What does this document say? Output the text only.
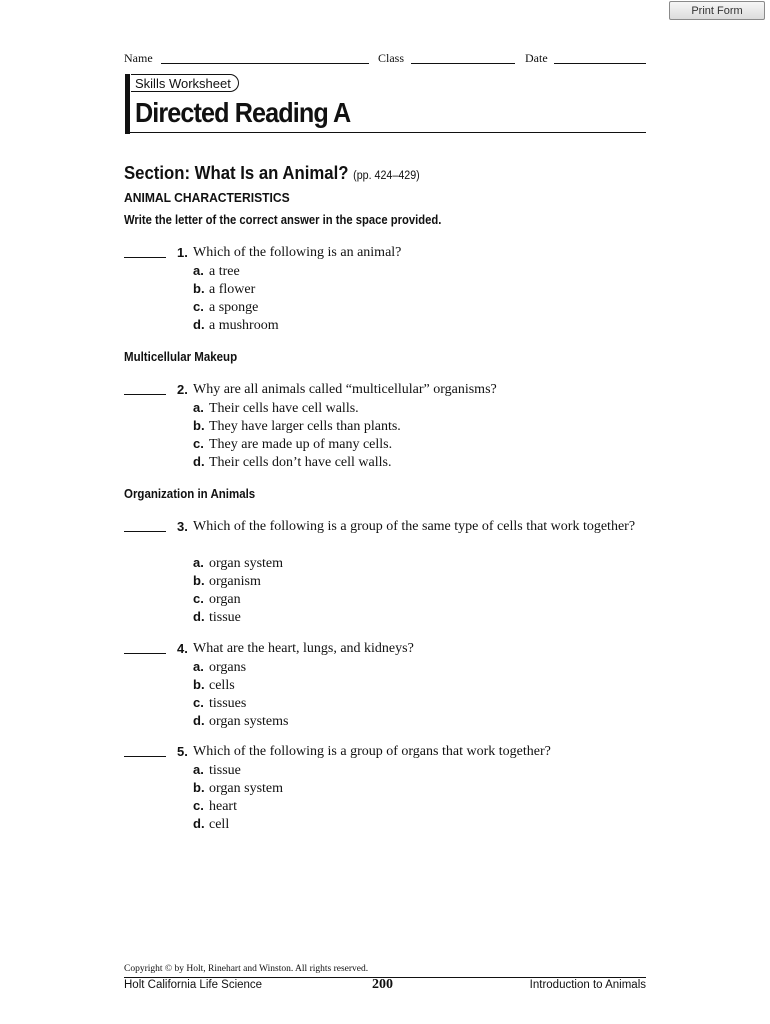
Print Form
Name	Class	Date
Skills Worksheet
Directed Reading A
Section: What Is an Animal? (pp. 424–429)
ANIMAL CHARACTERISTICS
Write the letter of the correct answer in the space provided.
1. Which of the following is an animal?
a. a tree
b. a flower
c. a sponge
d. a mushroom
Multicellular Makeup
2. Why are all animals called “multicellular” organisms?
a. Their cells have cell walls.
b. They have larger cells than plants.
c. They are made up of many cells.
d. Their cells don’t have cell walls.
Organization in Animals
3. Which of the following is a group of the same type of cells that work together?
a. organ system
b. organism
c. organ
d. tissue
4. What are the heart, lungs, and kidneys?
a. organs
b. cells
c. tissues
d. organ systems
5. Which of the following is a group of organs that work together?
a. tissue
b. organ system
c. heart
d. cell
Copyright © by Holt, Rinehart and Winston. All rights reserved.
Holt California Life Science	200	Introduction to Animals
